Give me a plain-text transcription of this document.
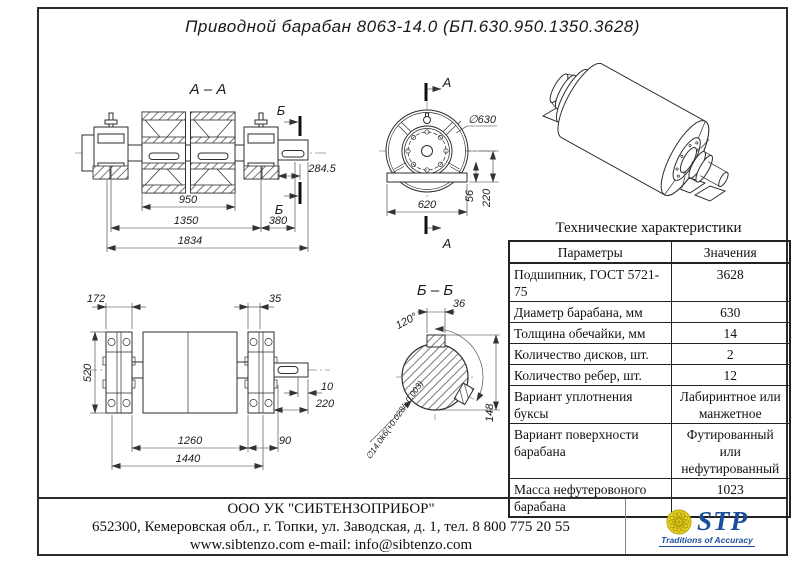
Приводной барабан 8063-14.0 (БП.630.950.1350.3628)
А – А
Б
Б
284.5
950
1350	380
1834
∅630
620
56 220
А
А
172	35
520
10
220
1260	90
1440
Б – Б
36
120°
148
∅14.0k6(+0.028/+0.003)
Технические характеристики
Параметры	Значения
Подшипник, ГОСТ 5721-75	3628
Диаметр барабана, мм	630
Толщина обечайки, мм	14
Количество дисков, шт.	2
Количество ребер, шт.	12
Вариант уплотнения буксы	Лабиринтное или манжетное
Вариант поверхности барабана	Футированный или нефутированный
Масса нефутеровоного барабана	1023
ООО УК "СИБТЕНЗОПРИБОР"
652300, Кемеровская обл., г. Топки, ул. Заводская, д. 1, тел. 8 800 775 20 55
www.sibtenzo.com e-mail: info@sibtenzo.com
STP
Traditions of Accuracy
